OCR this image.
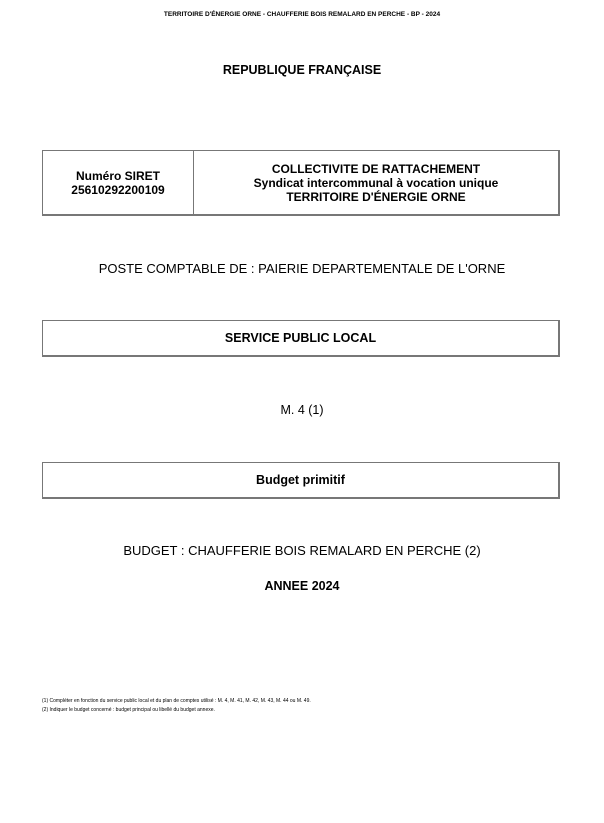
TERRITOIRE D'ÉNERGIE ORNE - CHAUFFERIE BOIS REMALARD EN PERCHE - BP - 2024
REPUBLIQUE FRANÇAISE
Numéro SIRET
25610292200109
COLLECTIVITE DE RATTACHEMENT
Syndicat intercommunal à vocation unique
TERRITOIRE D'ÉNERGIE ORNE
POSTE COMPTABLE DE : PAIERIE DEPARTEMENTALE DE L'ORNE
SERVICE PUBLIC LOCAL
M. 4 (1)
Budget primitif
BUDGET : CHAUFFERIE BOIS REMALARD EN PERCHE (2)
ANNEE 2024
(1) Compléter en fonction du service public local et du plan de comptes utilisé : M. 4, M. 41, M. 42, M. 43, M. 44 ou M. 49.
(2) Indiquer le budget concerné : budget principal ou libellé du budget annexe.
